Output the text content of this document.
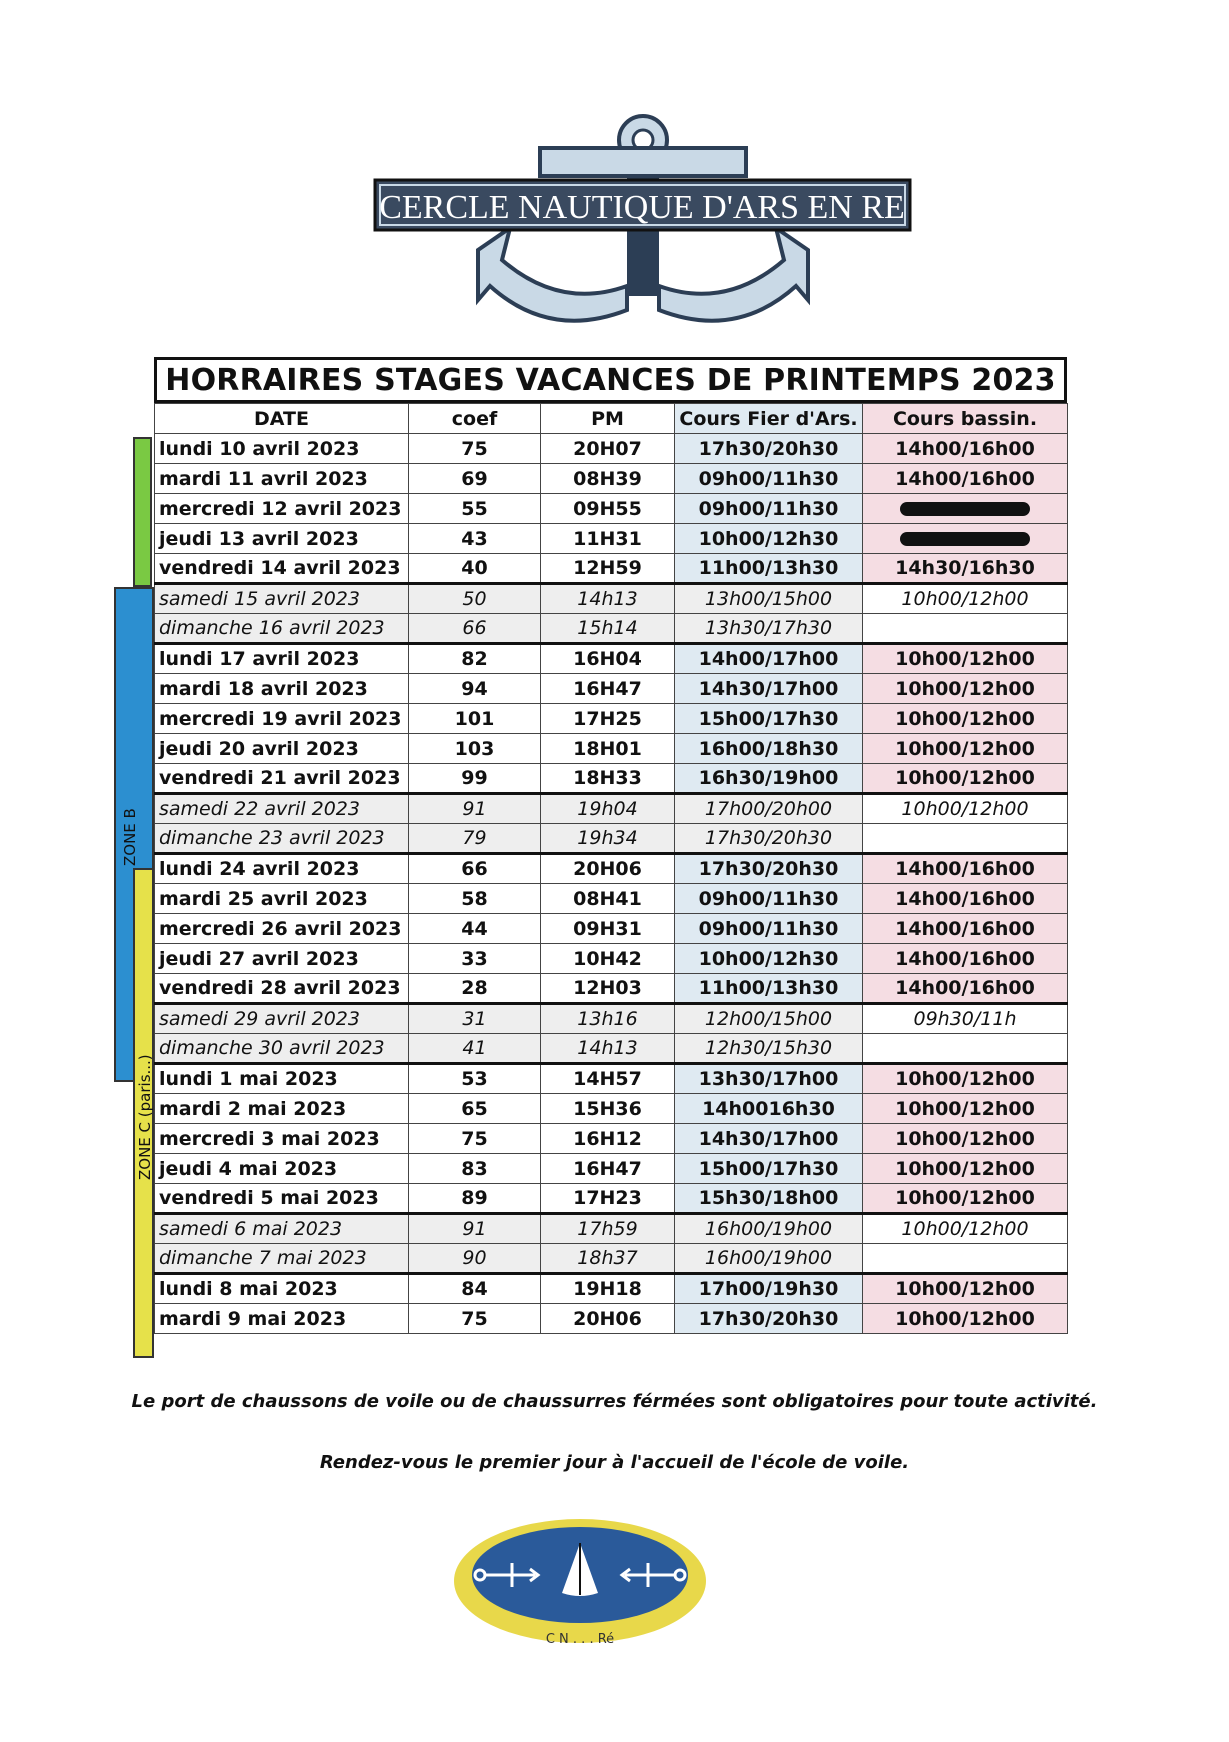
CERCLE NAUTIQUE D'ARS EN RE
ZONE B
ZONE C (paris...)
HORRAIRES STAGES VACANCES DE PRINTEMPS 2023
DATE	coef	PM	Cours Fier d'Ars.	Cours bassin.
lundi 10 avril 2023	75	20H07	17h30/20h30	14h00/16h00
mardi 11 avril 2023	69	08H39	09h00/11h30	14h00/16h00
mercredi 12 avril 2023	55	09H55	09h00/11h30	
jeudi 13 avril 2023	43	11H31	10h00/12h30	
vendredi 14 avril 2023	40	12H59	11h00/13h30	14h30/16h30
samedi 15 avril 2023	50	14h13	13h00/15h00	10h00/12h00
dimanche 16 avril 2023	66	15h14	13h30/17h30	
lundi 17 avril 2023	82	16H04	14h00/17h00	10h00/12h00
mardi 18 avril 2023	94	16H47	14h30/17h00	10h00/12h00
mercredi 19 avril 2023	101	17H25	15h00/17h30	10h00/12h00
jeudi 20 avril 2023	103	18H01	16h00/18h30	10h00/12h00
vendredi 21 avril 2023	99	18H33	16h30/19h00	10h00/12h00
samedi 22 avril 2023	91	19h04	17h00/20h00	10h00/12h00
dimanche 23 avril 2023	79	19h34	17h30/20h30	
lundi 24 avril 2023	66	20H06	17h30/20h30	14h00/16h00
mardi 25 avril 2023	58	08H41	09h00/11h30	14h00/16h00
mercredi 26 avril 2023	44	09H31	09h00/11h30	14h00/16h00
jeudi 27 avril 2023	33	10H42	10h00/12h30	14h00/16h00
vendredi 28 avril 2023	28	12H03	11h00/13h30	14h00/16h00
samedi 29 avril 2023	31	13h16	12h00/15h00	09h30/11h
dimanche 30 avril 2023	41	14h13	12h30/15h30	
lundi 1 mai 2023	53	14H57	13h30/17h00	10h00/12h00
mardi 2 mai 2023	65	15H36	14h0016h30	10h00/12h00
mercredi 3 mai 2023	75	16H12	14h30/17h00	10h00/12h00
jeudi 4 mai 2023	83	16H47	15h00/17h30	10h00/12h00
vendredi 5 mai 2023	89	17H23	15h30/18h00	10h00/12h00
samedi 6 mai 2023	91	17h59	16h00/19h00	10h00/12h00
dimanche 7 mai 2023	90	18h37	16h00/19h00	
lundi 8 mai 2023	84	19H18	17h00/19h30	10h00/12h00
mardi 9 mai 2023	75	20H06	17h30/20h30	10h00/12h00
Le port de chaussons de voile ou de chaussurres férmées sont obligatoires pour toute activité.
Rendez-vous le premier jour à l'accueil de l'école de voile.
C N . . . Ré
